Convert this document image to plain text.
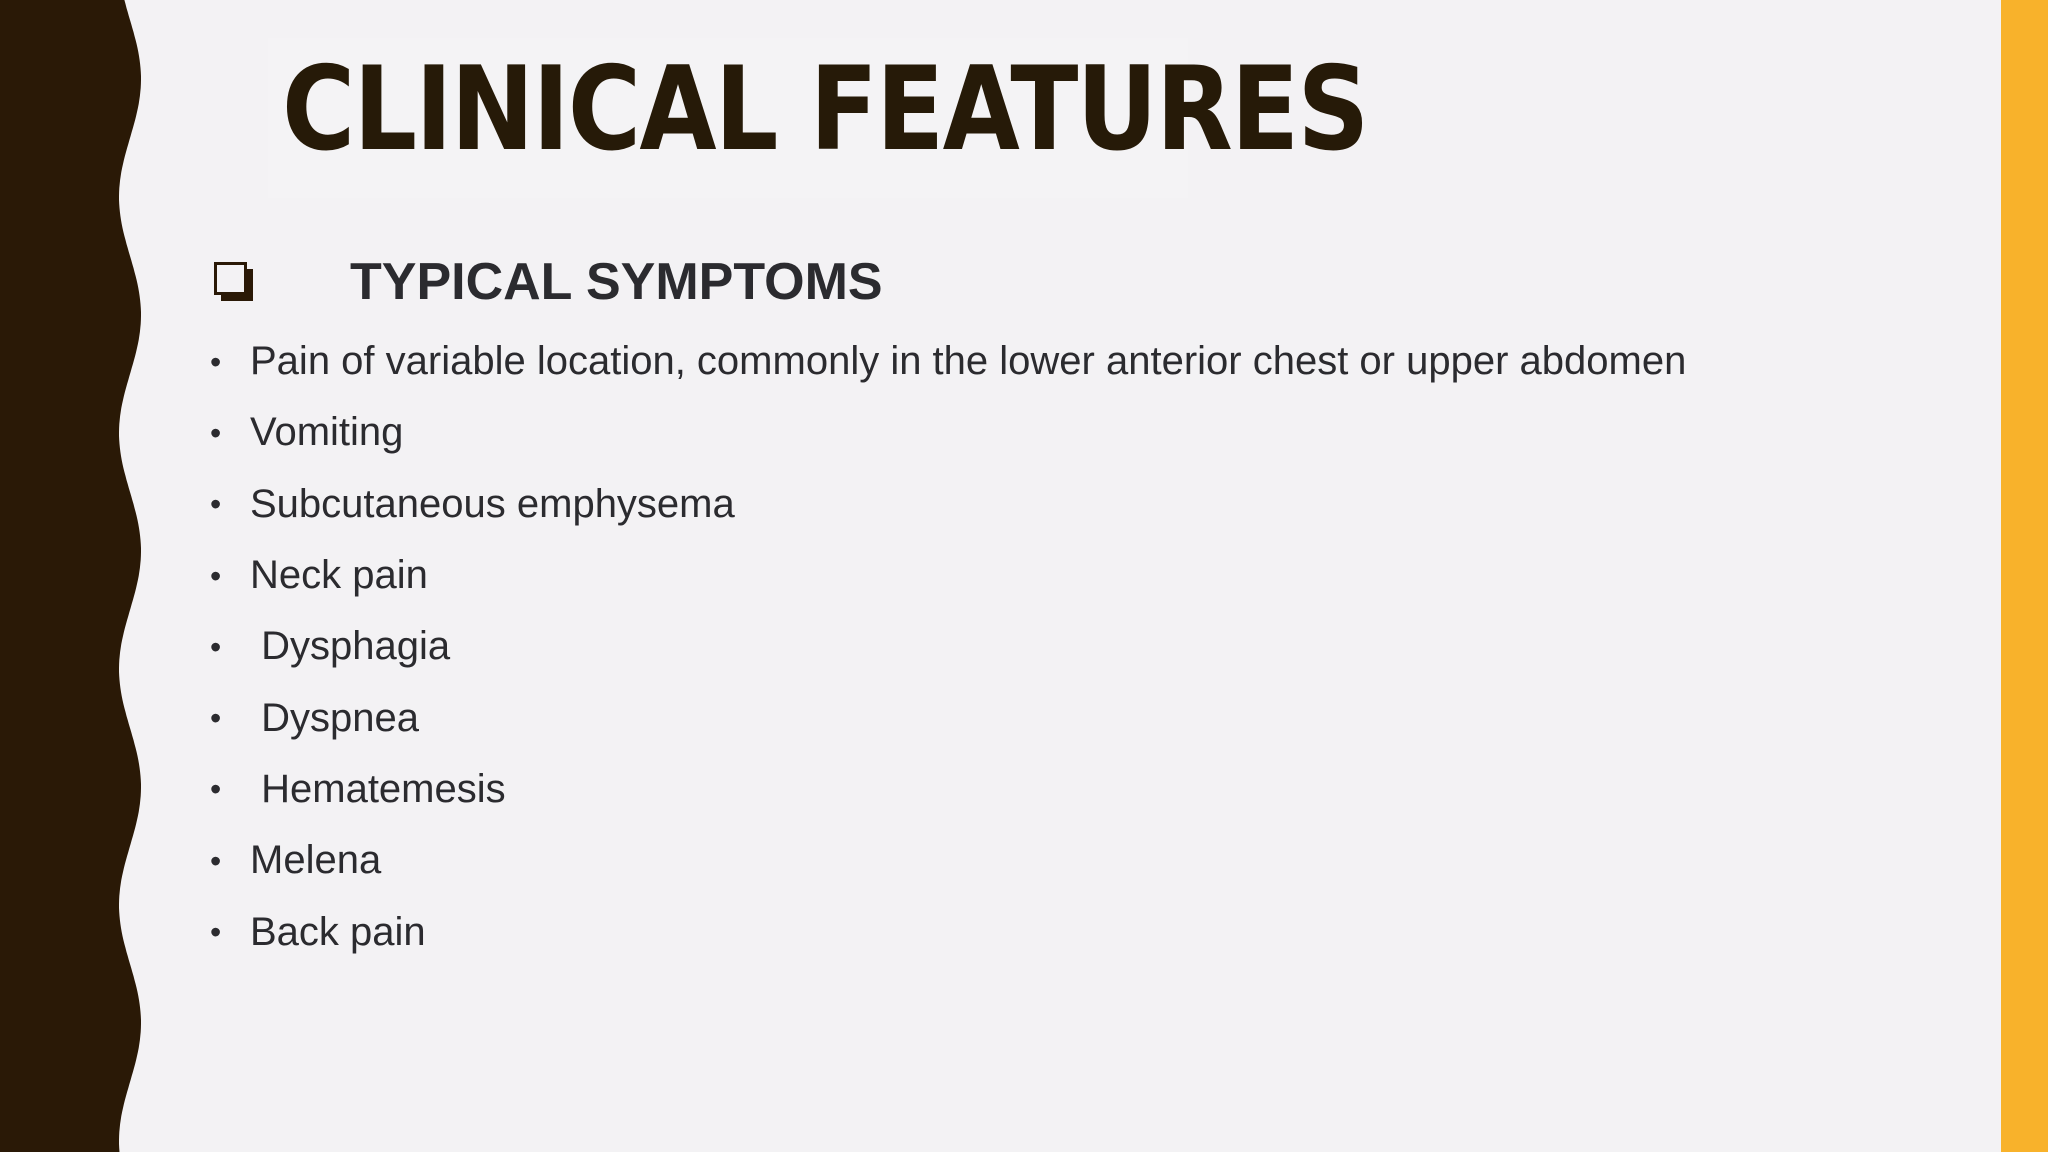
CLINICAL FEATURES
TYPICAL SYMPTOMS
• Pain of variable location, commonly in the lower anterior chest or upper abdomen
• Vomiting
• Subcutaneous emphysema
• Neck pain
• Dysphagia
• Dyspnea
• Hematemesis
• Melena
• Back pain
